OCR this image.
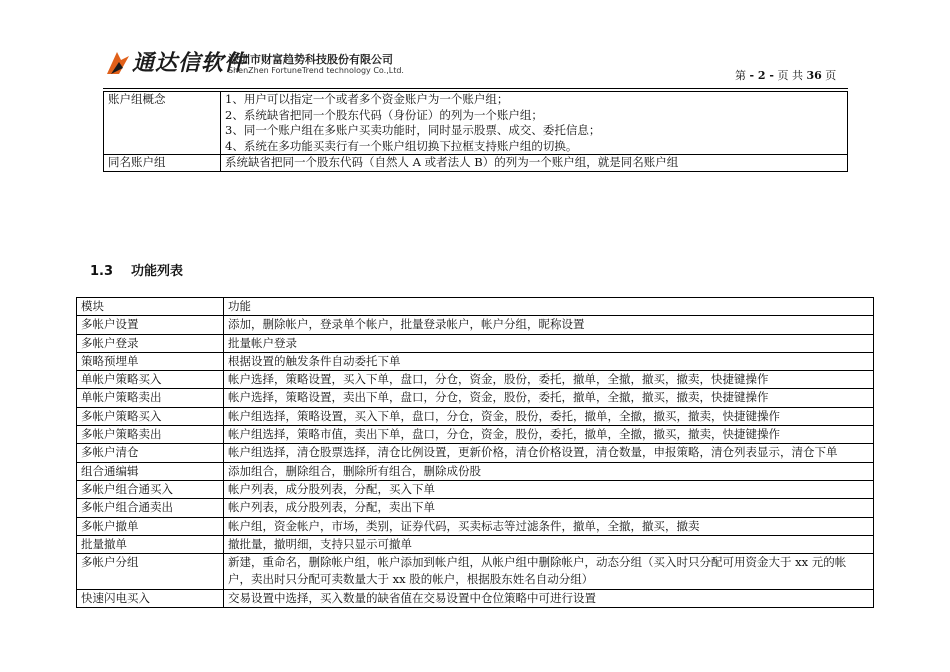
通达信软件
深圳市财富趋势科技股份有限公司
ShenZhen FortuneTrend technology Co.,Ltd.	第 - 2 - 页 共 36 页
账户组概念	1、用户可以指定一个或者多个资金账户为一个账户组；
2、系统缺省把同一个股东代码（身份证）的列为一个账户组；
3、同一个账户组在多账户买卖功能时，同时显示股票、成交、委托信息；
4、系统在多功能买卖行有一个账户组切换下拉框支持账户组的切换。

同名账户组	系统缺省把同一个股东代码（自然人 A 或者法人 B）的列为一个账户组，就是同名账户组
1.3 功能列表
模块	功能
多帐户设置	添加，删除帐户，登录单个帐户，批量登录帐户，帐户分组，昵称设置
多帐户登录	批量帐户登录
策略预埋单	根据设置的触发条件自动委托下单
单帐户策略买入	帐户选择，策略设置，买入下单，盘口，分仓，资金，股份，委托，撤单，全撤，撤买，撤卖，快捷键操作
单帐户策略卖出	帐户选择，策略设置，卖出下单，盘口，分仓，资金，股份，委托，撤单，全撤，撤买，撤卖，快捷键操作
多帐户策略买入	帐户组选择，策略设置，买入下单，盘口，分仓，资金，股份，委托，撤单，全撤，撤买，撤卖，快捷键操作
多帐户策略卖出	帐户组选择，策略市值，卖出下单，盘口，分仓，资金，股份，委托，撤单，全撤，撤买，撤卖，快捷键操作
多帐户清仓	帐户组选择，清仓股票选择，清仓比例设置，更新价格，清仓价格设置，清仓数量，申报策略，清仓列表显示，清仓下单
组合通编辑	添加组合，删除组合，删除所有组合，删除成份股
多帐户组合通买入	帐户列表，成分股列表，分配，买入下单
多帐户组合通卖出	帐户列表，成分股列表，分配，卖出下单
多帐户撤单	帐户组，资金帐户，市场，类别，证券代码，买卖标志等过滤条件，撤单，全撤，撤买，撤卖
批量撤单	撤批量，撤明细，支持只显示可撤单
多帐户分组	新建，重命名，删除帐户组，帐户添加到帐户组，从帐户组中删除帐户，动态分组（买入时只分配可用资金大于 xx 元的帐户，卖出时只分配可卖数量大于 xx 股的帐户，根据股东姓名自动分组）
快速闪电买入	交易设置中选择，买入数量的缺省值在交易设置中仓位策略中可进行设置
